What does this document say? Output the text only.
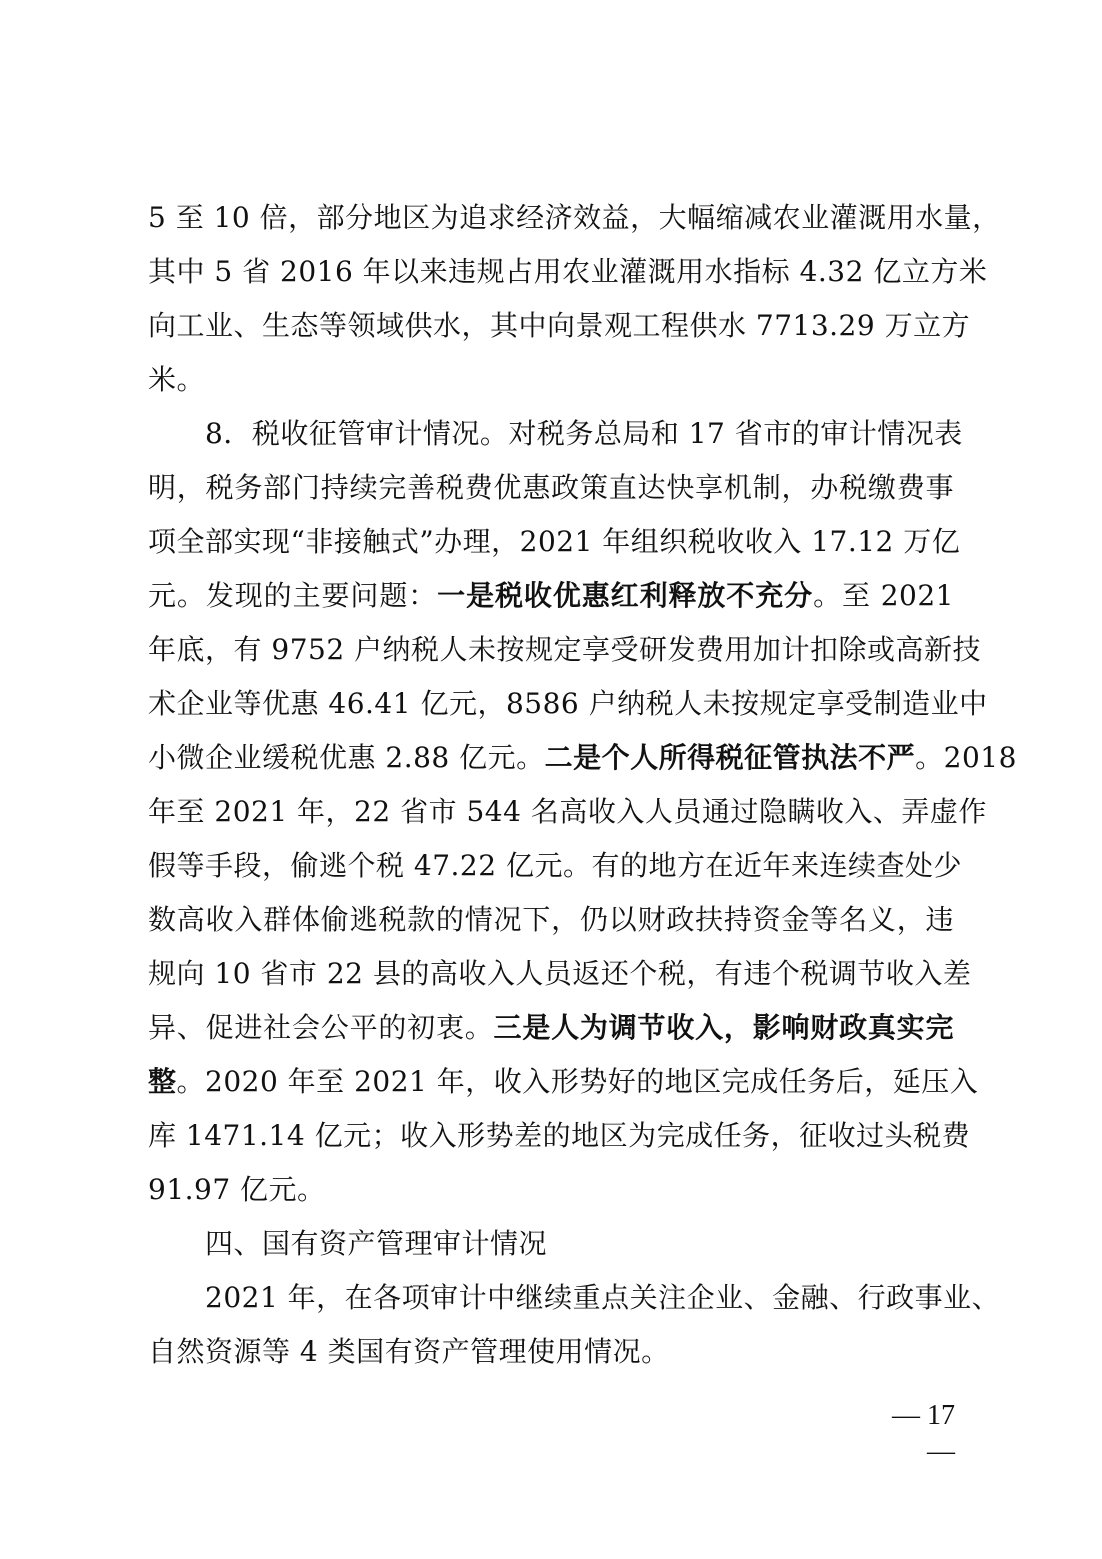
5 至 10 倍，部分地区为追求经济效益，大幅缩减农业灌溉用水量，
其中 5 省 2016 年以来违规占用农业灌溉用水指标 4.32 亿立方米
向工业、生态等领域供水，其中向景观工程供水 7713.29 万立方
米。
8．税收征管审计情况。对税务总局和 17 省市的审计情况表
明，税务部门持续完善税费优惠政策直达快享机制，办税缴费事
项全部实现“非接触式”办理，2021 年组织税收收入 17.12 万亿
元。发现的主要问题：一是税收优惠红利释放不充分。至 2021
年底，有 9752 户纳税人未按规定享受研发费用加计扣除或高新技
术企业等优惠 46.41 亿元，8586 户纳税人未按规定享受制造业中
小微企业缓税优惠 2.88 亿元。二是个人所得税征管执法不严。2018
年至 2021 年，22 省市 544 名高收入人员通过隐瞒收入、弄虚作
假等手段，偷逃个税 47.22 亿元。有的地方在近年来连续查处少
数高收入群体偷逃税款的情况下，仍以财政扶持资金等名义，违
规向 10 省市 22 县的高收入人员返还个税，有违个税调节收入差
异、促进社会公平的初衷。三是人为调节收入，影响财政真实完
整。2020 年至 2021 年，收入形势好的地区完成任务后，延压入
库 1471.14 亿元；收入形势差的地区为完成任务，征收过头税费
91.97 亿元。
四、国有资产管理审计情况
2021 年，在各项审计中继续重点关注企业、金融、行政事业、
自然资源等 4 类国有资产管理使用情况。
— 17 —
